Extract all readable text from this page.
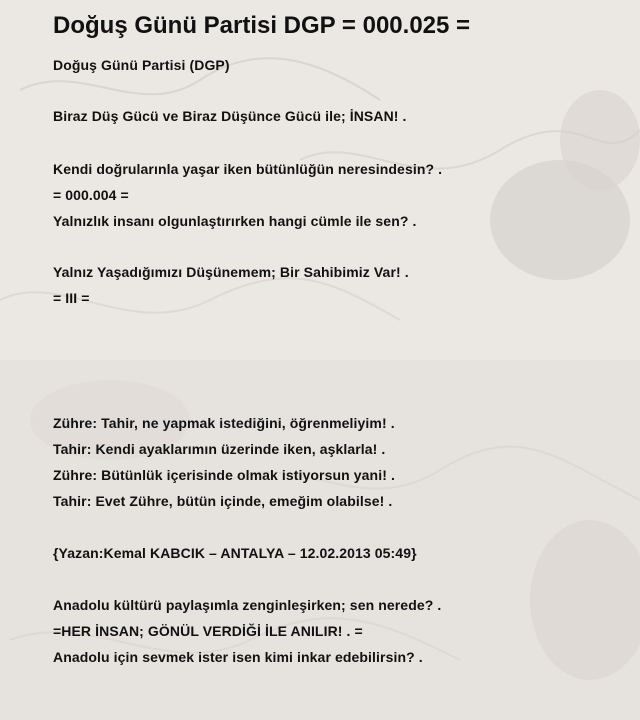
Doğuş Günü Partisi DGP = 000.025 =

Doğuş Günü Partisi (DGP)

Biraz Düş Gücü ve Biraz Düşünce Gücü ile; İNSAN! .

Kendi doğrularınla yaşar iken bütünlüğün neresindesin? .

= 000.004 =

Yalnızlık insanı olgunlaştırırken hangi cümle ile sen? .

Yalnız Yaşadığımızı Düşünemem; Bir Sahibimiz Var! .

= III =

Zühre: Tahir, ne yapmak istediğini, öğrenmeliyim! .

Tahir: Kendi ayaklarımın üzerinde iken, aşklarla! .

Zühre: Bütünlük içerisinde olmak istiyorsun yani! .

Tahir: Evet Zühre, bütün içinde, emeğim olabilse! .

{Yazan:Kemal KABCIK – ANTALYA – 12.02.2013 05:49}

Anadolu kültürü paylaşımla zenginleşirken; sen nerede? .

=HER İNSAN; GÖNÜL VERDİĞİ İLE ANILIR! . =

Anadolu için sevmek ister isen kimi inkar edebilirsin? .
